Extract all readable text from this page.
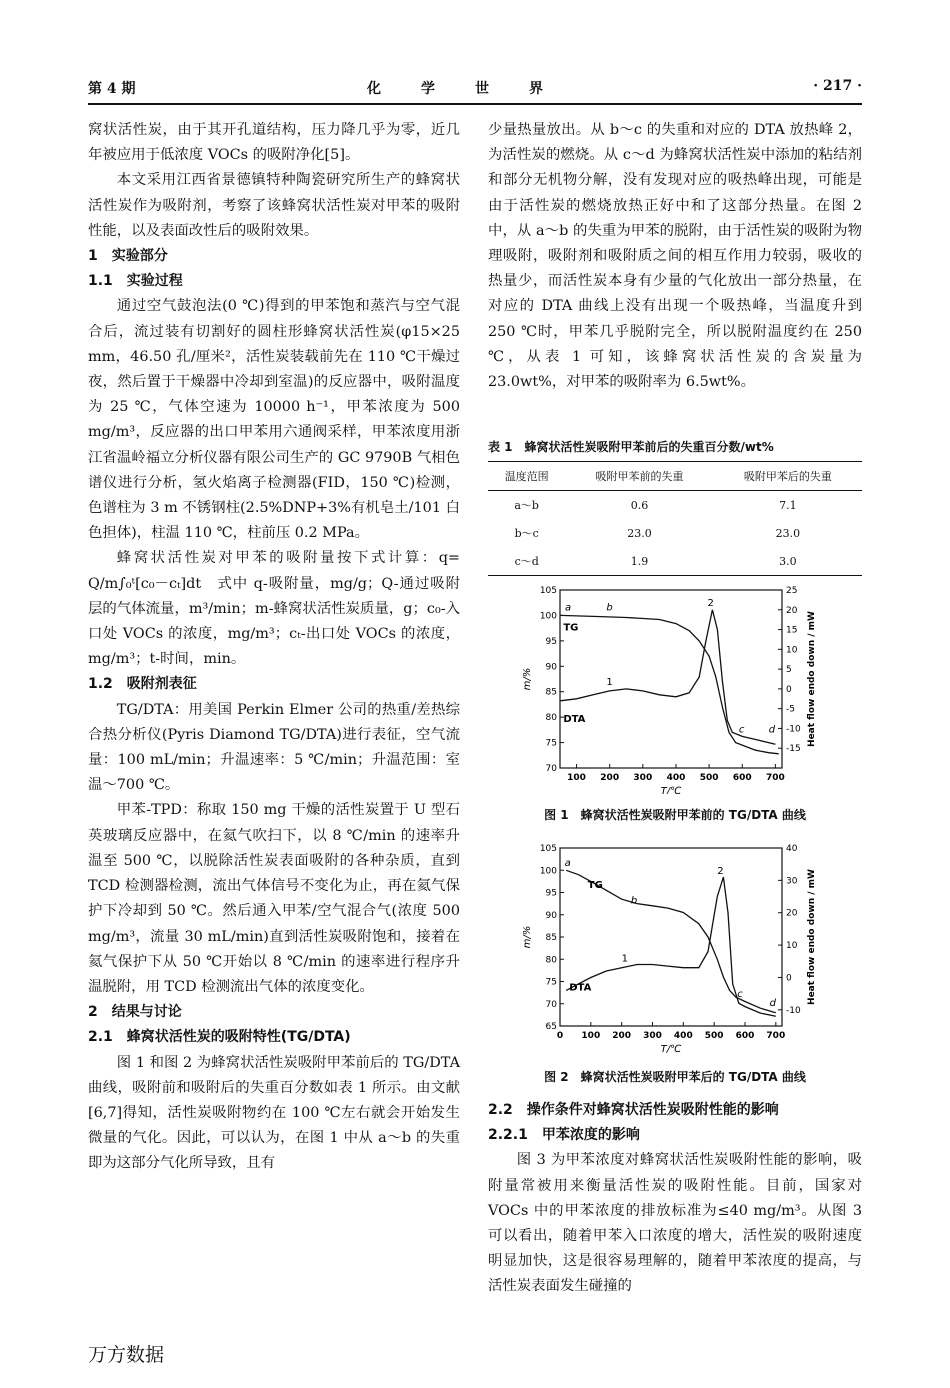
第 4 期	化学世界	· 217 ·

窝状活性炭，由于其开孔道结构，压力降几乎为零，近几年被应用于低浓度 VOCs 的吸附净化[5]。

本文采用江西省景德镇特种陶瓷研究所生产的蜂窝状活性炭作为吸附剂，考察了该蜂窝状活性炭对甲苯的吸附性能，以及表面改性后的吸附效果。

1　实验部分

1.1　实验过程

通过空气鼓泡法(0 ℃)得到的甲苯饱和蒸汽与空气混合后，流过装有切割好的圆柱形蜂窝状活性炭(φ15×25 mm，46.50 孔/厘米²，活性炭装载前先在 110 ℃干燥过夜，然后置于干燥器中冷却到室温)的反应器中，吸附温度为 25 ℃，气体空速为 10000 h⁻¹，甲苯浓度为 500 mg/m³，反应器的出口甲苯用六通阀采样，甲苯浓度用浙江省温岭福立分析仪器有限公司生产的 GC 9790B 气相色谱仪进行分析，氢火焰离子检测器(FID，150 ℃)检测，色谱柱为 3 m 不锈钢柱(2.5%DNP+3%有机皂土/101 白色担体)，柱温 110 ℃，柱前压 0.2 MPa。

蜂窝状活性炭对甲苯的吸附量按下式计算：q= Q/m∫₀ᵗ[c₀－cₜ]dt　式中 q-吸附量，mg/g；Q-通过吸附层的气体流量，m³/min；m-蜂窝状活性炭质量，g；c₀-入口处 VOCs 的浓度，mg/m³；cₜ-出口处 VOCs 的浓度，mg/m³；t-时间，min。

1.2　吸附剂表征

TG/DTA：用美国 Perkin Elmer 公司的热重/差热综合热分析仪(Pyris Diamond TG/DTA)进行表征，空气流量：100 mL/min；升温速率：5 ℃/min；升温范围：室温～700 ℃。

甲苯-TPD：称取 150 mg 干燥的活性炭置于 U 型石英玻璃反应器中，在氦气吹扫下，以 8 ℃/min 的速率升温至 500 ℃，以脱除活性炭表面吸附的各种杂质，直到 TCD 检测器检测，流出气体信号不变化为止，再在氦气保护下冷却到 50 ℃。然后通入甲苯/空气混合气(浓度 500 mg/m³，流量 30 mL/min)直到活性炭吸附饱和，接着在氦气保护下从 50 ℃开始以 8 ℃/min 的速率进行程序升温脱附，用 TCD 检测流出气体的浓度变化。

2　结果与讨论

2.1　蜂窝状活性炭的吸附特性(TG/DTA)

图 1 和图 2 为蜂窝状活性炭吸附甲苯前后的 TG/DTA 曲线，吸附前和吸附后的失重百分数如表 1 所示。由文献[6,7]得知，活性炭吸附物约在 100 ℃左右就会开始发生微量的气化。因此，可以认为，在图 1 中从 a～b 的失重即为这部分气化所导致，且有

少量热量放出。从 b～c 的失重和对应的 DTA 放热峰 2，为活性炭的燃烧。从 c～d 为蜂窝状活性炭中添加的粘结剂和部分无机物分解，没有发现对应的吸热峰出现，可能是由于活性炭的燃烧放热正好中和了这部分热量。在图 2 中，从 a～b 的失重为甲苯的脱附，由于活性炭的吸附为物理吸附，吸附剂和吸附质之间的相互作用力较弱，吸收的热量少，而活性炭本身有少量的气化放出一部分热量，在对应的 DTA 曲线上没有出现一个吸热峰，当温度升到 250 ℃时，甲苯几乎脱附完全，所以脱附温度约在 250 ℃，从表 1 可知，该蜂窝状活性炭的含炭量为 23.0wt%，对甲苯的吸附率为 6.5wt%。

表 1　蜂窝状活性炭吸附甲苯前后的失重百分数/wt%
温度范围	吸附甲苯前的失重	吸附甲苯后的失重
a～b	0.6	7.1
b～c	23.0	23.0
c～d	1.9	3.0
100 200 300 400 500 600 700
70
75
80
85
90
95
100
105
-15
-10
-5
0
5
10
15
20
25
T/℃
m/%	Heat flow endo down / mW
a	b
c d
1
2
TG
DTA
图 1　蜂窝状活性炭吸附甲苯前的 TG/DTA 曲线
0 100 200 300 400 500 600 700
65
70
75
80
85
90
95
100
105
-10
0
10
20
30
40
T/℃
m/%	Heat flow endo down / mW
a
b
c
d
1
2
TG
DTA
图 2　蜂窝状活性炭吸附甲苯后的 TG/DTA 曲线

2.2　操作条件对蜂窝状活性炭吸附性能的影响

2.2.1　甲苯浓度的影响

图 3 为甲苯浓度对蜂窝状活性炭吸附性能的影响，吸附量常被用来衡量活性炭的吸附性能。目前，国家对 VOCs 中的甲苯浓度的排放标准为≤40 mg/m³。从图 3 可以看出，随着甲苯入口浓度的增大，活性炭的吸附速度明显加快，这是很容易理解的，随着甲苯浓度的提高，与活性炭表面发生碰撞的

万方数据
